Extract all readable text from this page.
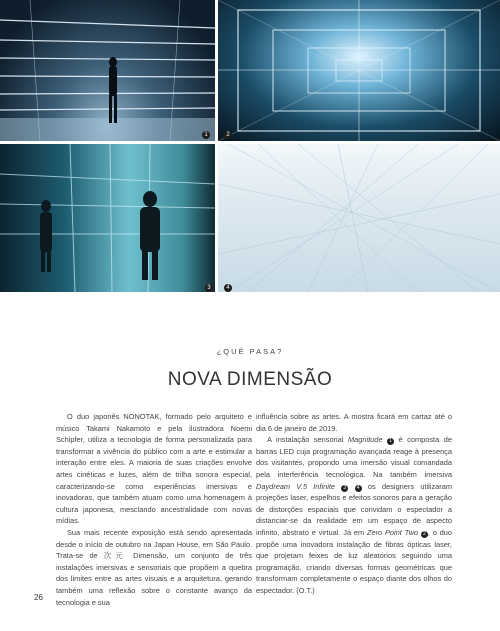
1	2
3	4
¿QUÉ PASA?
NOVA DIMENSÃO

O duo japonês NONOTAK, formado pelo arquiteto e músico Takami Nakamoto e pela ilustradora Noemi Schipfer, utiliza a tecnologia de forma personalizada para transformar a vivência do público com a arte e estimular a interação entre eles. A maioria de suas criações envolve artes cinéticas e luzes, além de trilha sonora especial, caracterizando-se como experiências imersivas e inovadoras, que também atuam como uma homenagem à cultura japonesa, mesclando ancestralidade com novas mídias.

Sua mais recente exposição está sendo apresentada desde o início de outubro na Japan House, em São Paulo. Trata-se de 次元 Dimensão, um conjunto de três instalações imersivas e sensoriais que propõem a quebra dos limites entre as artes visuais e a arquitetura, gerando também uma reflexão sobre o constante avanço da tecnologia e sua

influência sobre as artes. A mostra ficará em cartaz até o dia 6 de janeiro de 2019.

A instalação sensorial Magnitude 1 é composta de barras LED cuja programação avançada reage à presença dos visitantes, propondo uma imersão visual comandada pela interferência tecnológica. Na também imersiva Daydream V.5 Infinite 3 4 os designers utilizaram projeções laser, espelhos e efeitos sonoros para a geração de distorções espaciais que convidam o espectador a distanciar-se da realidade em um espaço de aspecto infinito, abstrato e virtual. Já em Zero Point Two 2 , o duo propõe uma inovadora instalação de fibras ópticas laser, que projetam feixes de luz aleatórios seguindo uma programação, criando diversas formas geométricas que transformam completamente o espaço diante dos olhos do espectador. (O.T.)

26
